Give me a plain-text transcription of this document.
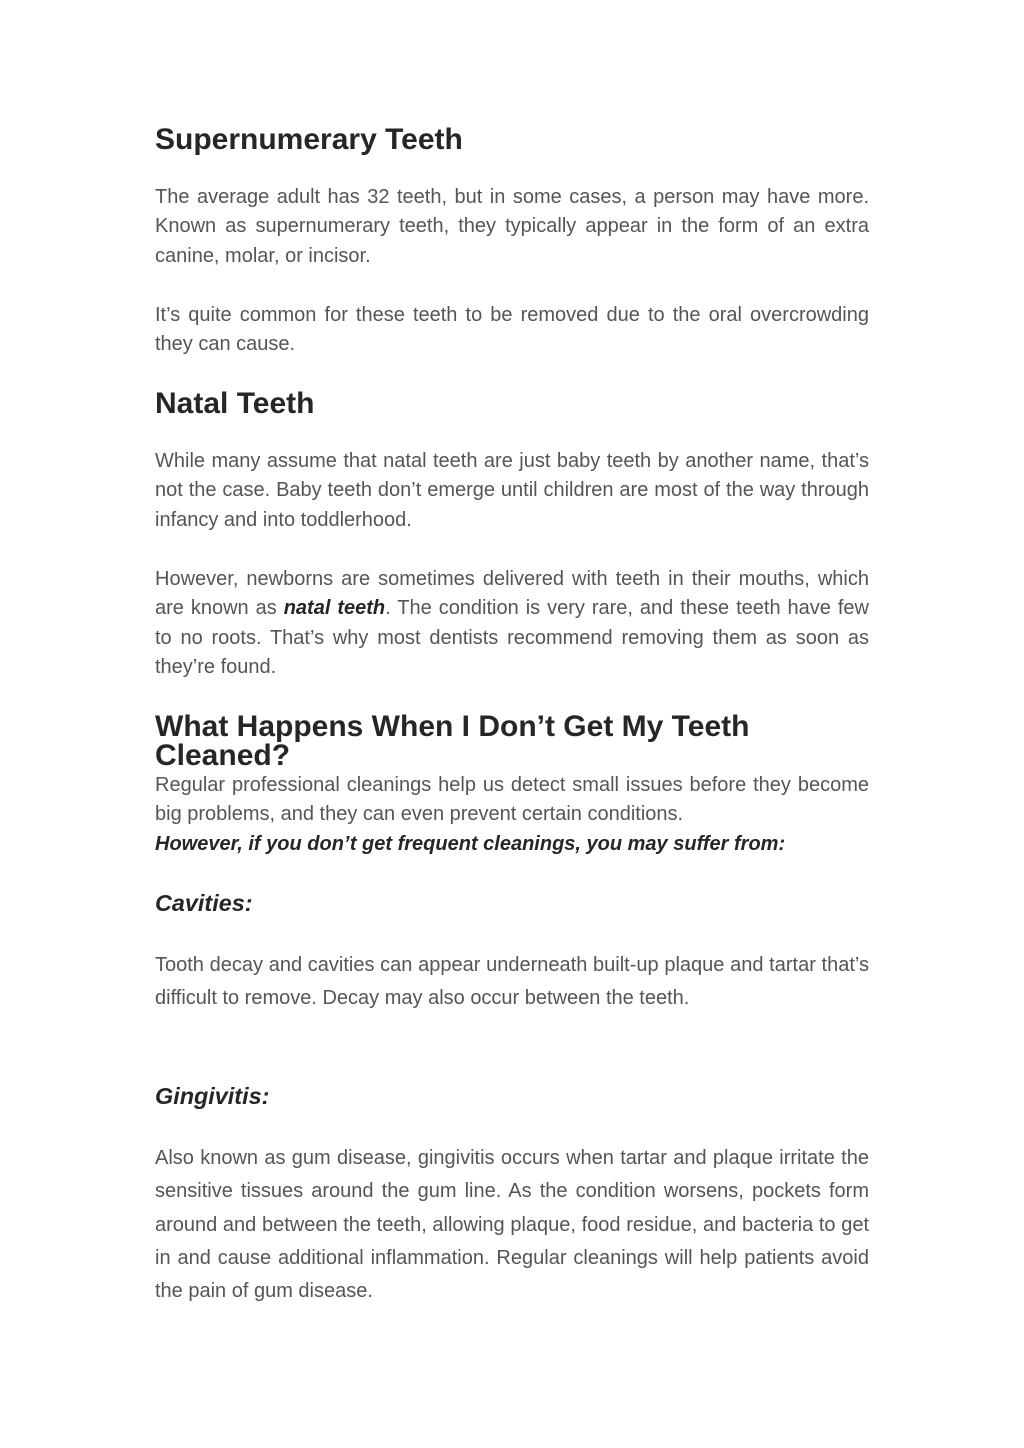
Supernumerary Teeth

The average adult has 32 teeth, but in some cases, a person may have more. Known as supernumerary teeth, they typically appear in the form of an extra canine, molar, or incisor.

It’s quite common for these teeth to be removed due to the oral overcrowding they can cause.

Natal Teeth

While many assume that natal teeth are just baby teeth by another name, that’s not the case. Baby teeth don’t emerge until children are most of the way through infancy and into toddlerhood.

However, newborns are sometimes delivered with teeth in their mouths, which are known as natal teeth. The condition is very rare, and these teeth have few to no roots. That’s why most dentists recommend removing them as soon as they’re found.

What Happens When I Don’t Get My Teeth Cleaned?

Regular professional cleanings help us detect small issues before they become big problems, and they can even prevent certain conditions.
However, if you don’t get frequent cleanings, you may suffer from:

Cavities:

Tooth decay and cavities can appear underneath built-up plaque and tartar that’s difficult to remove. Decay may also occur between the teeth.

Gingivitis:

Also known as gum disease, gingivitis occurs when tartar and plaque irritate the sensitive tissues around the gum line. As the condition worsens, pockets form around and between the teeth, allowing plaque, food residue, and bacteria to get in and cause additional inflammation. Regular cleanings will help patients avoid the pain of gum disease.
